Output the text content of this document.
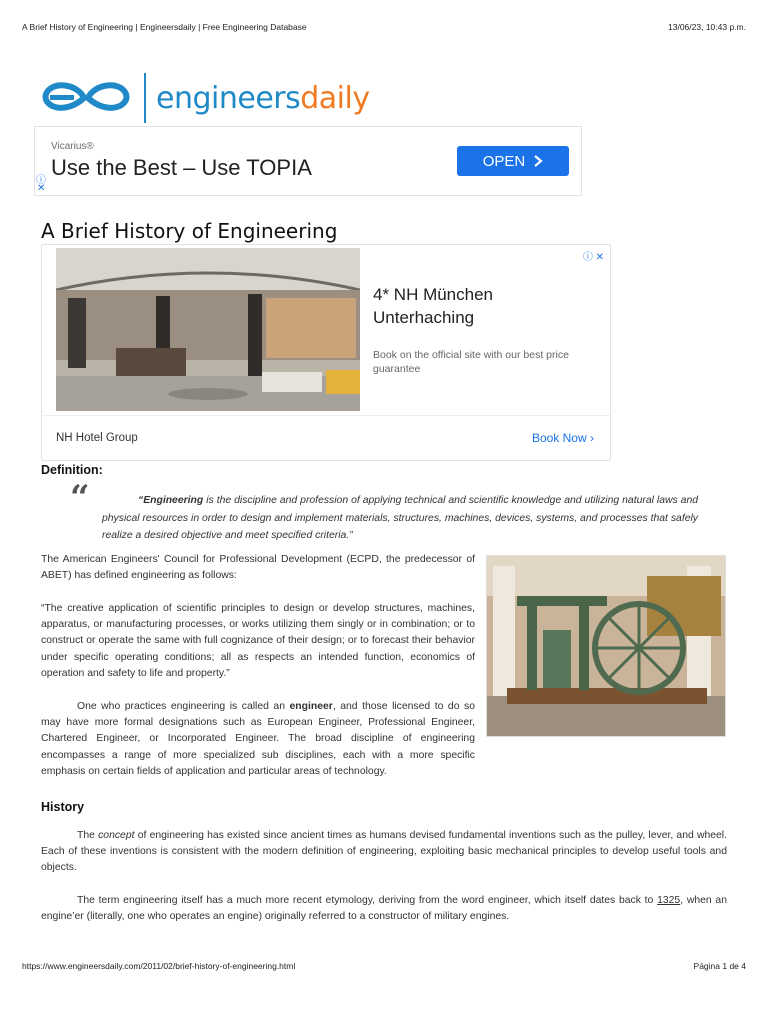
A Brief History of Engineering | Engineersdaily | Free Engineering Database	13/06/23, 10:43 p.m.
engineersdaily
Vicarius®
Use the Best – Use TOPIA	OPEN
ⓘ
✕
A Brief History of Engineering
4* NH München Unterhaching
Book on the official site with our best price guarantee
ⓘ ✕
NH Hotel Group	Book Now ›
Definition:
“	“Engineering is the discipline and profession of applying technical and scientific knowledge and utilizing natural laws and physical resources in order to design and implement materials, structures, machines, devices, systems, and processes that safely realize a desired objective and meet specified criteria.”
The American Engineers' Council for Professional Development (ECPD, the predecessor of ABET) has defined engineering as follows:
“The creative application of scientific principles to design or develop structures, machines, apparatus, or manufacturing processes, or works utilizing them singly or in combination; or to construct or operate the same with full cognizance of their design; or to forecast their behavior under specific operating conditions; all as respects an intended function, economics of operation and safety to life and property.”
One who practices engineering is called an engineer, and those licensed to do so may have more formal designations such as European Engineer, Professional Engineer, Chartered Engineer, or Incorporated Engineer. The broad discipline of engineering encompasses a range of more specialized sub disciplines, each with a more specific emphasis on certain fields of application and particular areas of technology.
History
The concept of engineering has existed since ancient times as humans devised fundamental inventions such as the pulley, lever, and wheel. Each of these inventions is consistent with the modern definition of engineering, exploiting basic mechanical principles to develop useful tools and objects.
The term engineering itself has a much more recent etymology, deriving from the word engineer, which itself dates back to 1325, when an engine’er (literally, one who operates an engine) originally referred to a constructor of military engines.
https://www.engineersdaily.com/2011/02/brief-history-of-engineering.html	Página 1 de 4
